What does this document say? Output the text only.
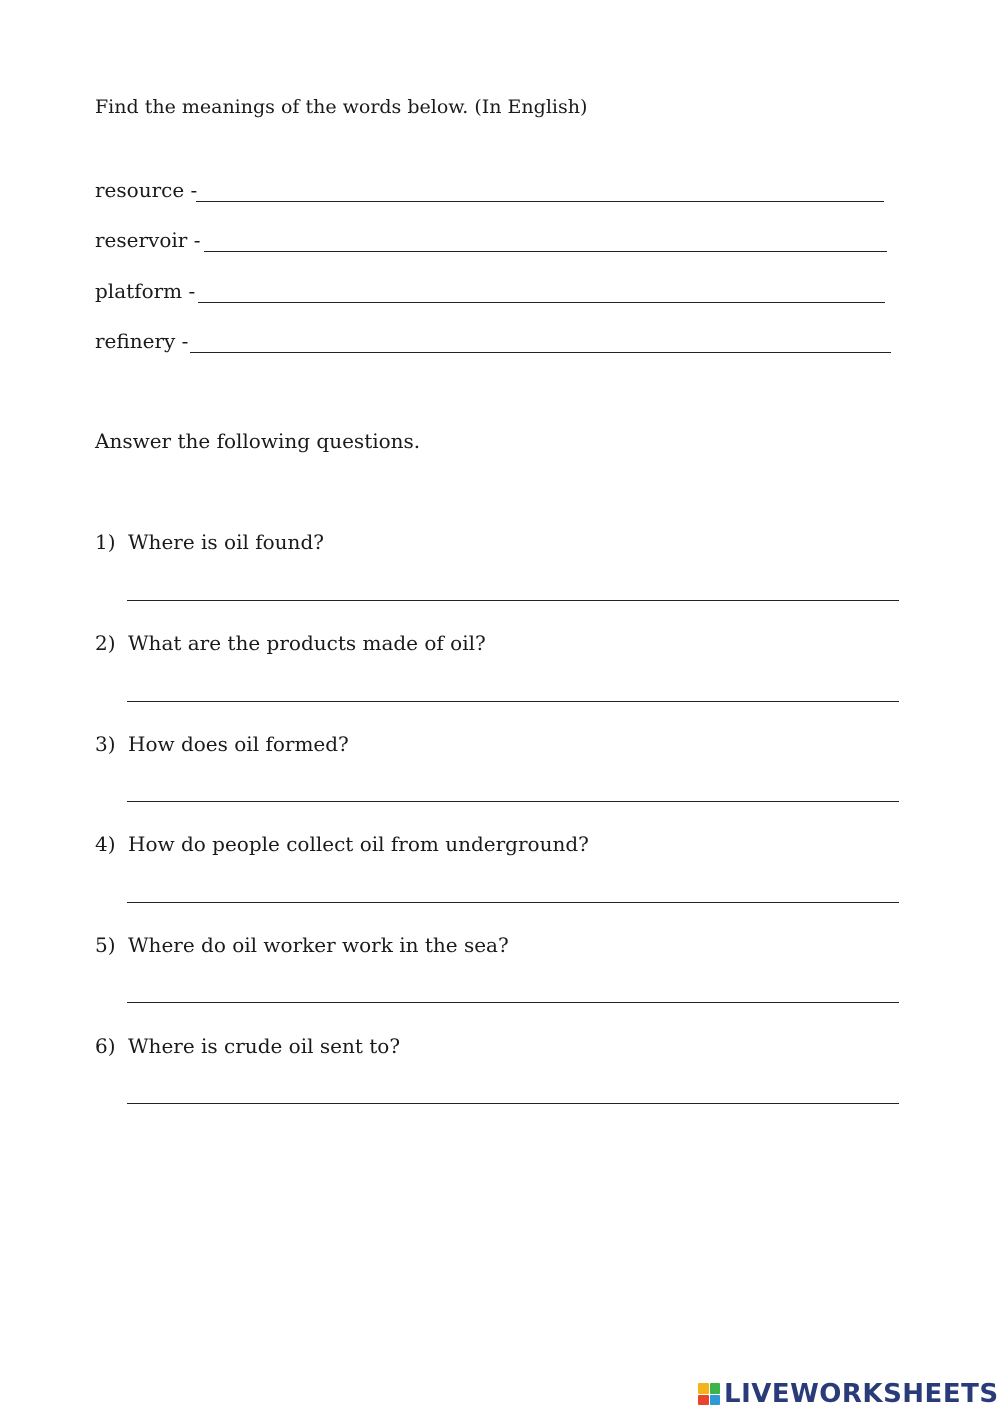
Find the meanings of the words below. (In English)
resource -
reservoir -
platform -
refinery -
Answer the following questions.
1) Where is oil found?
2) What are the products made of oil?
3) How does oil formed?
4) How do people collect oil from underground?
5) Where do oil worker work in the sea?
6) Where is crude oil sent to?
LIVEWORKSHEETS
